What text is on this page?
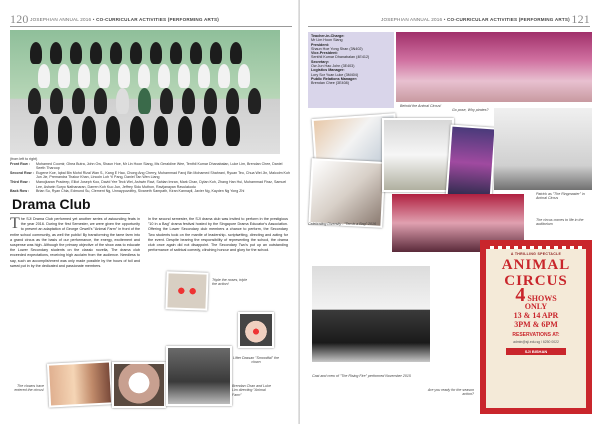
120 JOSEPHIAN ANNUAL 2016 • CO-CURRICULAR ACTIVITIES (PERFORMING ARTS)
(from left to right)
Front Row :	Mohamed Coomir, Ghea Butra, John Ow, Shaun Hoe, Mr Lin Hoon Siang, Ms Geraldine Wee, Tenthil Kumar Dhanabalan, Luke Lim, Brendan Chee, Daniel Seeth Tharoop
Second Row : Eugene Koe, Iqbal Bin Mohd Rizal Wan S., Kang E Hao, Chong Ang Cherry, Muhammad Faroj Bin Mohamed Shahrani, Ryuan Teo, Chua Wei Jin, Malcolm Koh Jun Jie, Premandra Thakur Khan, Lincoln Loh Yi Pang, Daniel Tan Wen Liang
Third Row :	Manojkaran Pradeep, Elliot Joseph Koo, David Yee Teck Wei, Ashwin Ravi, Sahlan Imran, Mark Chan, Dylan Koh, Zhang Han Hui, Muhammad Firaz, Samuel Lee, Ashwin Suryo Nathanaran, Darren Koh Kuo Jun, Jeffrey Sidu Muthon, Ravijanayan Ravulakodu
Back Row :	Brian Su, Ryan Chia, Edmund Su, Clement Ng, Unnaypuvolthy, Sivaneth Sampath, Kiran Kannayil, Javier Ng, Kayden Ng Yong Zhi
Drama Club
The SJI Drama Club performed yet another series of astounding feats in the year 2016. During the first Semester, we were given the opportunity to present an adaptation of George Orwell's "Animal Farm" in front of the entire school community, as well the public! By transforming the tame farm into a grand circus as the basis of our performance, the energy, excitement and suspense was high. Although the primary objective of the show was to educate the Lower Secondary students on the classic novella, The drama club exceeded expectations, receiving high acclaim from the audience. Needless to say, such an accomplishment was only made possible by the hours of toil and sweat put in by the dedicated and passionate members.
In the second semester, the SJI drama club was invited to perform in the prestigious "10 in a Bag" drama festival hosted by the Singapore Drama Educator's Association. Offering the Lower Secondary club members a chance to perform, the Secondary Two students took on the mantle of leadership- scriptwriting, directing and acting for the event. Despite bearing the responsibility of representing the school, the drama club once again did not disappoint. The Secondary Two's put up an outstanding performance of satirical comedy, clinching honour and glory for the school.
The clowns have entered the circus!
Triple the noses, triple the action!
Lifter Dassan "Smoodfal" the clown
Brendan Chan and Luke Lim directing "Animal Farm"
JOSEPHIAN ANNUAL 2016 • CO-CURRICULAR ACTIVITIES (PERFORMING ARTS) 121
Teacher-in-Charge:
Mr Lim Hoon Siang
President:
Shaun Hoe Yong Shan (3N402)
Vice-President:
Senthil Kumar Dhanabalan (4E412)
Secretary:
Ow Jun Hao John (3E403)
Logistics Manager:
Lory Sor Yuan Luke (3M404)
Public Relations Manager:
Brendan Chee (3E408)
Behold the Animal Circus!
Celebrating Diversity - "Ten in a Bag" 2016
Go pose, Why pirates?
Patrick as "The Ringmaster" in Animal Circus
The circus comes to life in the auditorium
Cast and crew of "The Rising Fire" performed November 2015
Are you ready for the season action?
A THRILLING SPECTACLE
ANIMAL
CIRCUS
4 SHOWS
ONLY
13 & 14 APR
3PM & 6PM
RESERVATIONS AT:
admin@sji.edu.sg / 6250 0022
SJI BISHAN
